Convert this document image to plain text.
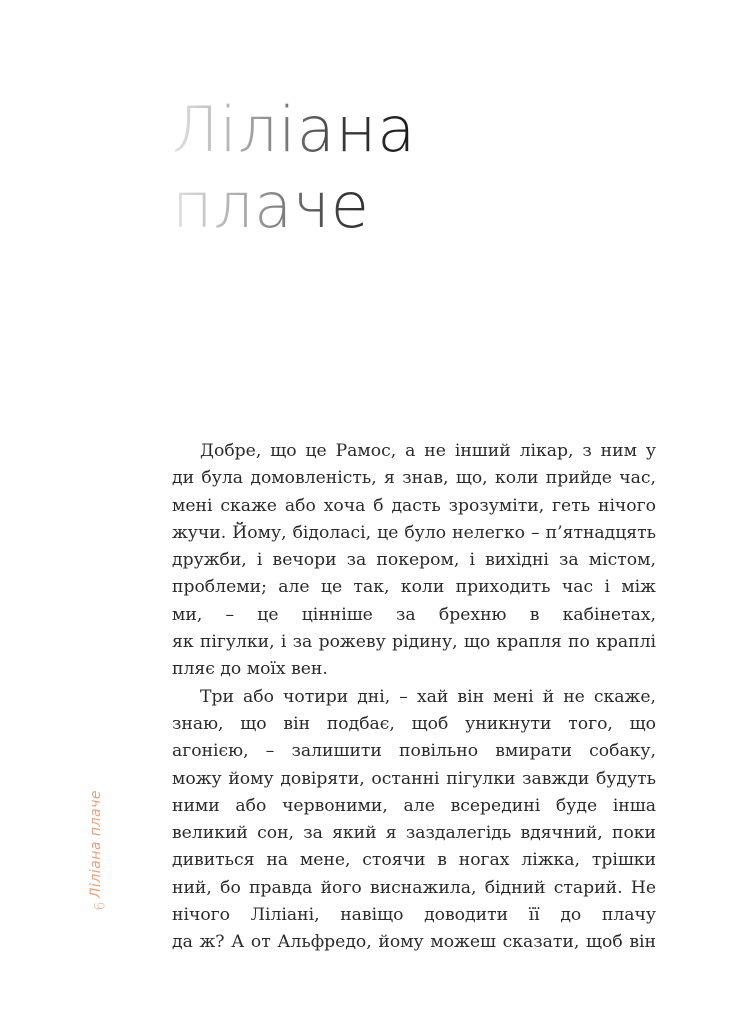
Ліліана
плаче
Добре, що це Рамос, а не інший лікар, з ним у
ди була домовленість, я знав, що, коли прийде час,
мені скаже або хоча б дасть зрозуміти, геть нічого
жучи. Йому, бідоласі, це було нелегко – п’ятнадцять
дружби, і вечори за покером, і вихідні за містом,
проблеми; але це так, коли приходить час і між
ми, – це цінніше за брехню в кабінетах,
як пігулки, і за рожеву рідину, що крапля по краплі
пляє до моїх вен.
Три або чотири дні, – хай він мені й не скаже,
знаю, що він подбає, щоб уникнути того, що
агонією, – залишити повільно вмирати собаку,
можу йому довіряти, останні пігулки завжди будуть
ними або червоними, але всередині буде інша
великий сон, за який я заздалегідь вдячний, поки
дивиться на мене, стоячи в ногах ліжка, трішки
ний, бо правда його виснажила, бідний старий. Не
нічого Ліліані, навіщо доводити її до плачу
да ж? А от Альфредо, йому можеш сказати, щоб він
Ліліана плаче
6
